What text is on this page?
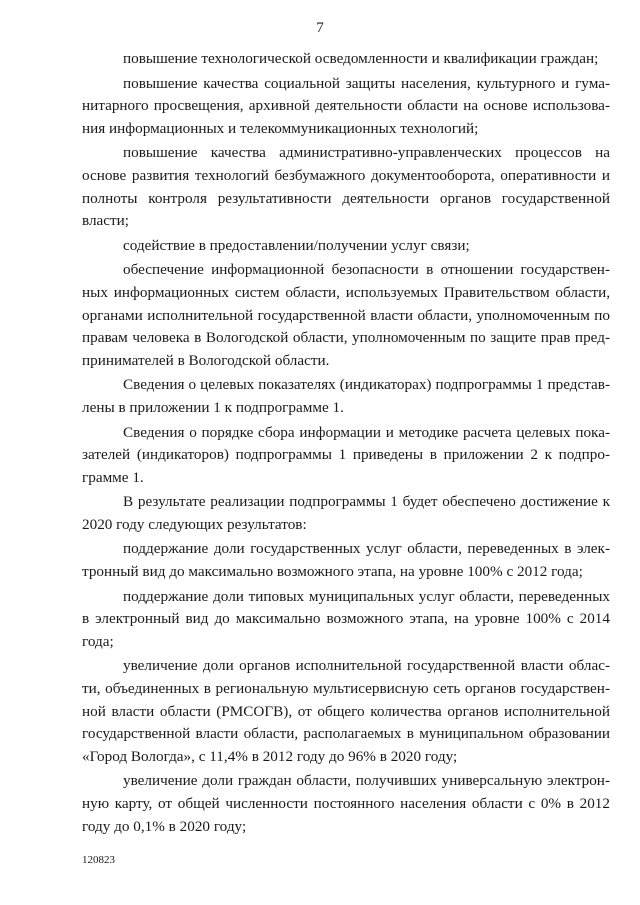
7

повышение технологической осведомленности и квалификации граждан;

повышение качества социальной защиты населения, культурного и гуманитарного просвещения, архивной деятельности области на основе использования информационных и телекоммуникационных технологий;

повышение качества административно-управленческих процессов на основе развития технологий безбумажного документооборота, оперативности и полноты контроля результативности деятельности органов государственной власти;

содействие в предоставлении/получении услуг связи;

обеспечение информационной безопасности в отношении государственных информационных систем области, используемых Правительством области, органами исполнительной государственной власти области, уполномоченным по правам человека в Вологодской области, уполномоченным по защите прав предпринимателей в Вологодской области.

Сведения о целевых показателях (индикаторах) подпрограммы 1 представлены в приложении 1 к подпрограмме 1.

Сведения о порядке сбора информации и методике расчета целевых показателей (индикаторов) подпрограммы 1 приведены в приложении 2 к подпрограмме 1.

В результате реализации подпрограммы 1 будет обеспечено достижение к 2020 году следующих результатов:

поддержание доли государственных услуг области, переведенных в электронный вид до максимально возможного этапа, на уровне 100% с 2012 года;

поддержание доли типовых муниципальных услуг области, переведенных в электронный вид до максимально возможного этапа, на уровне 100% с 2014 года;

увеличение доли органов исполнительной государственной власти области, объединенных в региональную мультисервисную сеть органов государственной власти области (РМСОГВ), от общего количества органов исполнительной государственной власти области, располагаемых в муниципальном образовании «Город Вологда», с 11,4% в 2012 году до 96% в 2020 году;

увеличение доли граждан области, получивших универсальную электронную карту, от общей численности постоянного населения области с 0% в 2012 году до 0,1% в 2020 году;

120823
